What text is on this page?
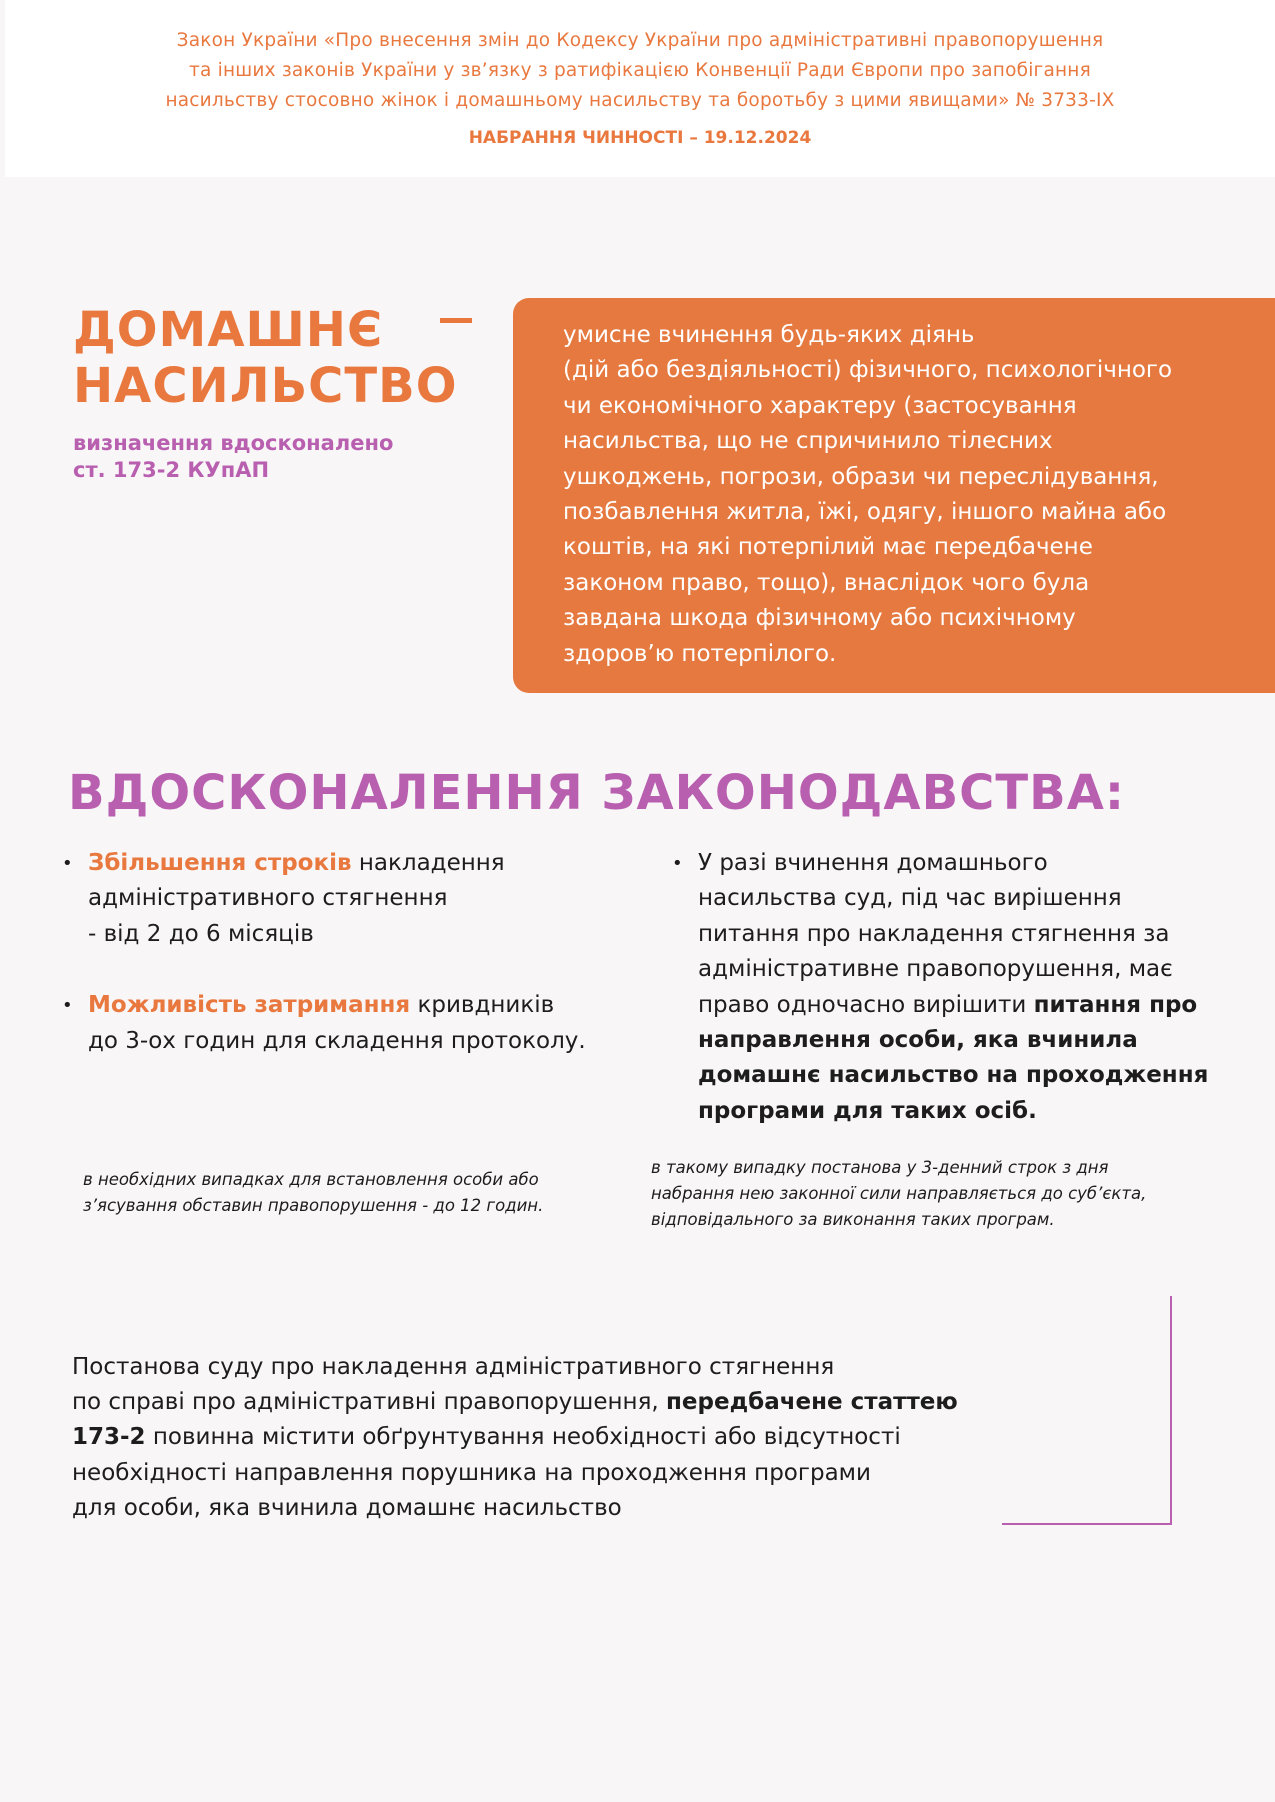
Закон України «Про внесення змін до Кодексу України про адміністративні правопорушення
та інших законів України у зв’язку з ратифікацією Конвенції Ради Європи про запобігання
насильству стосовно жінок і домашньому насильству та боротьбу з цими явищами» № 3733-IX
НАБРАННЯ ЧИННОСТІ – 19.12.2024
ДОМАШНЄ
НАСИЛЬСТВО
визначення вдосконалено
ст. 173-2 КУпАП
умисне вчинення будь-яких діянь
(дій або бездіяльності) фізичного, психологічного
чи економічного характеру (застосування
насильства, що не спричинило тілесних
ушкоджень, погрози, образи чи переслідування,
позбавлення житла, їжі, одягу, іншого майна або
коштів, на які потерпілий має передбачене
законом право, тощо), внаслідок чого була
завдана шкода фізичному або психічному
здоров’ю потерпілого.
ВДОСКОНАЛЕННЯ ЗАКОНОДАВСТВА:
• Збільшення строків накладення
адміністративного стягнення
- від 2 до 6 місяців
• Можливість затримання кривдників
до 3-ох годин для складення протоколу.
• У разі вчинення домашнього
насильства суд, під час вирішення
питання про накладення стягнення за
адміністративне правопорушення, має
право одночасно вирішити питання про
направлення особи, яка вчинила
домашнє насильство на проходження
програми для таких осіб.
в необхідних випадках для встановлення особи або
з’ясування обставин правопорушення - до 12 годин.
в такому випадку постанова у 3-денний строк з дня
набрання нею законної сили направляється до суб’єкта,
відповідального за виконання таких програм.
Постанова суду про накладення адміністративного стягнення
по справі про адміністративні правопорушення, передбачене статтею
173-2 повинна містити обґрунтування необхідності або відсутності
необхідності направлення порушника на проходження програми
для особи, яка вчинила домашнє насильство
